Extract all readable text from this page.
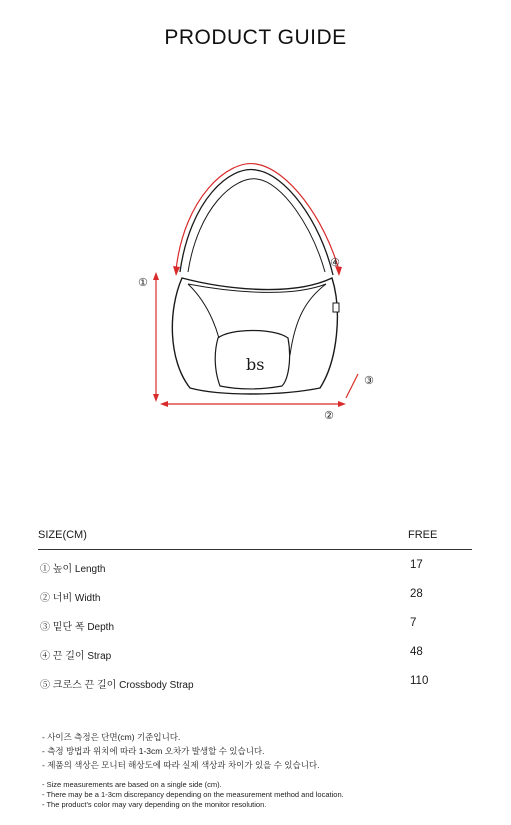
PRODUCT GUIDE
bs
①
②
③
④
SIZE(CM)	FREE
① 높이 Length	17
② 너비 Width	28
③ 밑단 폭 Depth	7
④ 끈 길이 Strap	48
⑤ 크로스 끈 길이 Crossbody Strap	110
- 사이즈 측정은 단면(cm) 기준입니다.
- 측정 방법과 위치에 따라 1-3cm 오차가 발생할 수 있습니다.
- 제품의 색상은 모니터 해상도에 따라 실제 색상과 차이가 있을 수 있습니다.
- Size measurements are based on a single side (cm).
- There may be a 1-3cm discrepancy depending on the measurement method and location.
- The product's color may vary depending on the monitor resolution.
